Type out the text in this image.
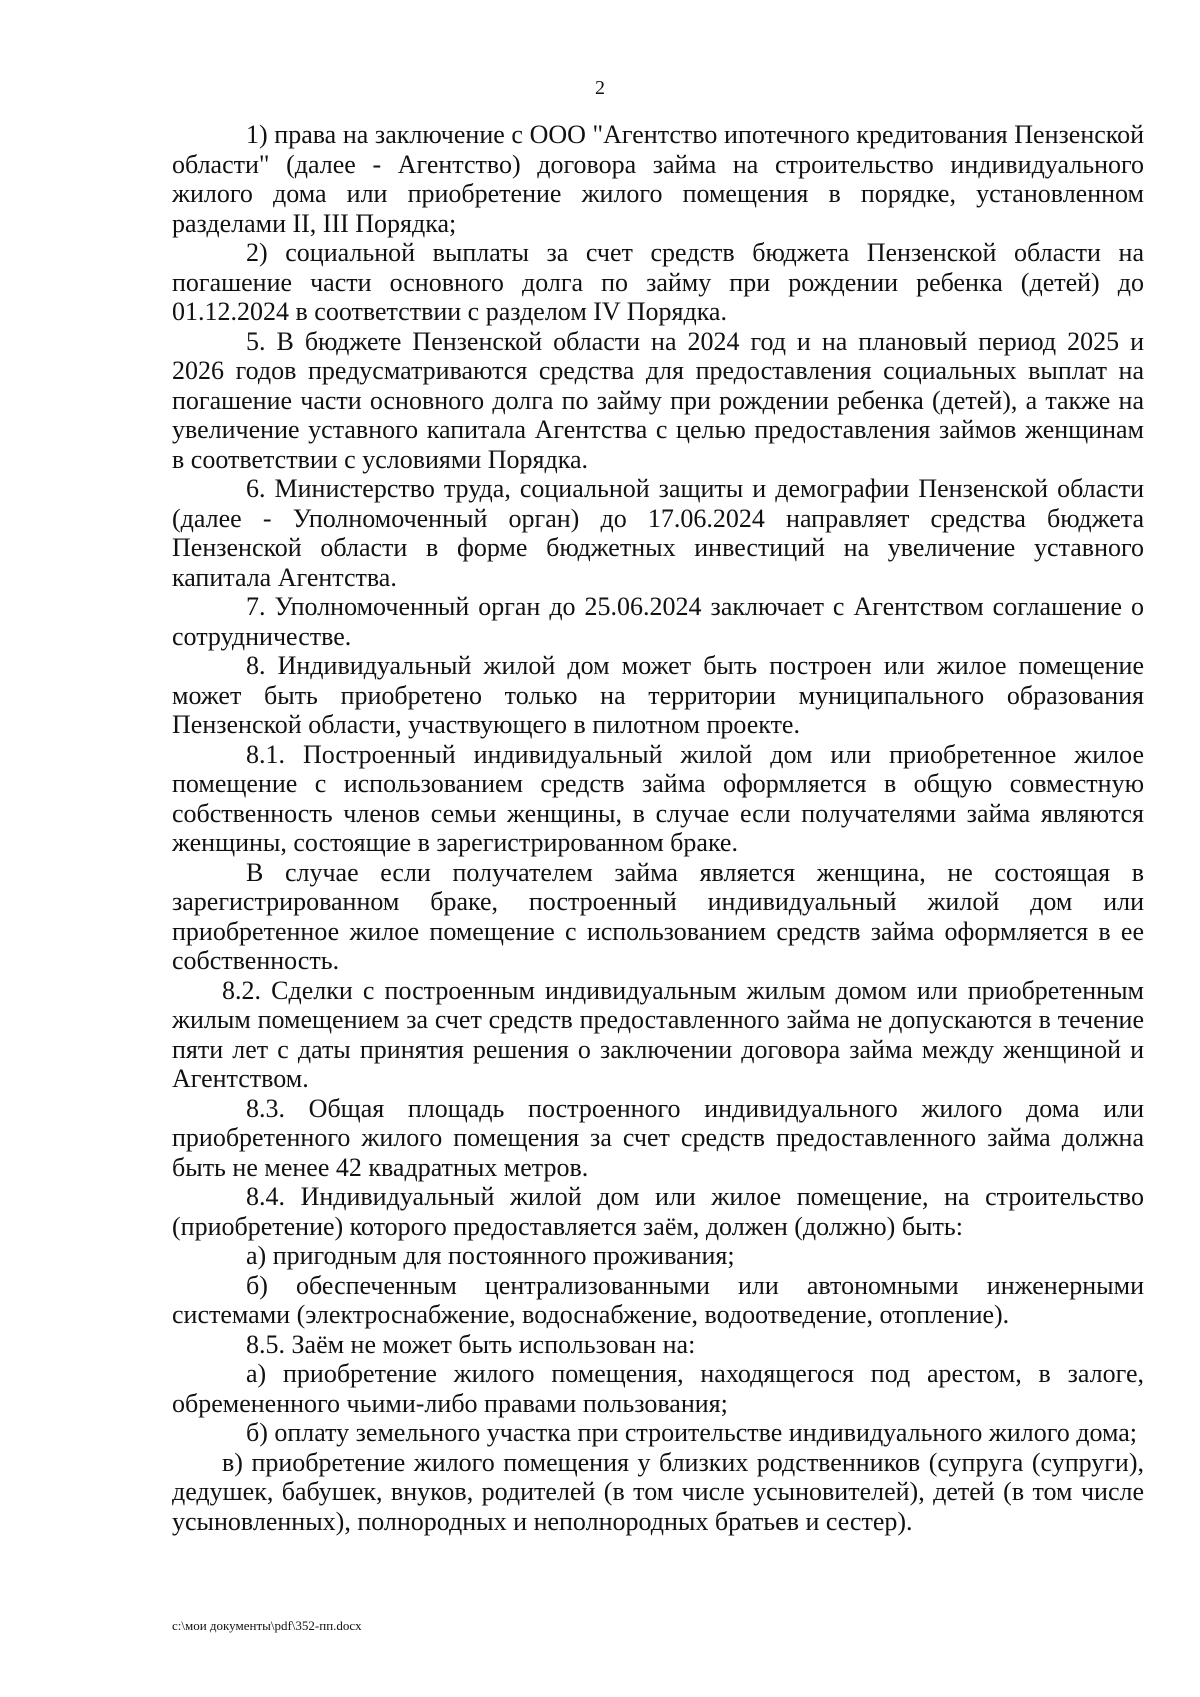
2

1) права на заключение с ООО "Агентство ипотечного кредитования Пензенской области" (далее - Агентство) договора займа на строительство индивидуального жилого дома или приобретение жилого помещения в порядке, установленном разделами II, III Порядка;

2) социальной выплаты за счет средств бюджета Пензенской области на погашение части основного долга по займу при рождении ребенка (детей) до 01.12.2024 в соответствии с разделом IV Порядка.

5. В бюджете Пензенской области на 2024 год и на плановый период 2025 и 2026 годов предусматриваются средства для предоставления социальных выплат на погашение части основного долга по займу при рождении ребенка (детей), а также на увеличение уставного капитала Агентства с целью предоставления займов женщинам в соответствии с условиями Порядка.

6. Министерство труда, социальной защиты и демографии Пензенской области (далее - Уполномоченный орган) до 17.06.2024 направляет средства бюджета Пензенской области в форме бюджетных инвестиций на увеличение уставного капитала Агентства.

7. Уполномоченный орган до 25.06.2024 заключает с Агентством соглашение о сотрудничестве.

8. Индивидуальный жилой дом может быть построен или жилое помещение может быть приобретено только на территории муниципального образования Пензенской области, участвующего в пилотном проекте.

8.1. Построенный индивидуальный жилой дом или приобретенное жилое помещение с использованием средств займа оформляется в общую совместную собственность членов семьи женщины, в случае если получателями займа являются женщины, состоящие в зарегистрированном браке.

В случае если получателем займа является женщина, не состоящая в зарегистрированном браке, построенный индивидуальный жилой дом или приобретенное жилое помещение с использованием средств займа оформляется в ее собственность.

8.2. Сделки с построенным индивидуальным жилым домом или приобретенным жилым помещением за счет средств предоставленного займа не допускаются в течение пяти лет с даты принятия решения о заключении договора займа между женщиной и Агентством.

8.3. Общая площадь построенного индивидуального жилого дома или приобретенного жилого помещения за счет средств предоставленного займа должна быть не менее 42 квадратных метров.

8.4. Индивидуальный жилой дом или жилое помещение, на строительство (приобретение) которого предоставляется заём, должен (должно) быть:

а) пригодным для постоянного проживания;

б) обеспеченным централизованными или автономными инженерными системами (электроснабжение, водоснабжение, водоотведение, отопление).

8.5. Заём не может быть использован на:

а) приобретение жилого помещения, находящегося под арестом, в залоге, обремененного чьими-либо правами пользования;

б) оплату земельного участка при строительстве индивидуального жилого дома;

в) приобретение жилого помещения у близких родственников (супруга (супруги), дедушек, бабушек, внуков, родителей (в том числе усыновителей), детей (в том числе усыновленных), полнородных и неполнородных братьев и сестер).

c:\мои документы\pdf\352-пп.docx
